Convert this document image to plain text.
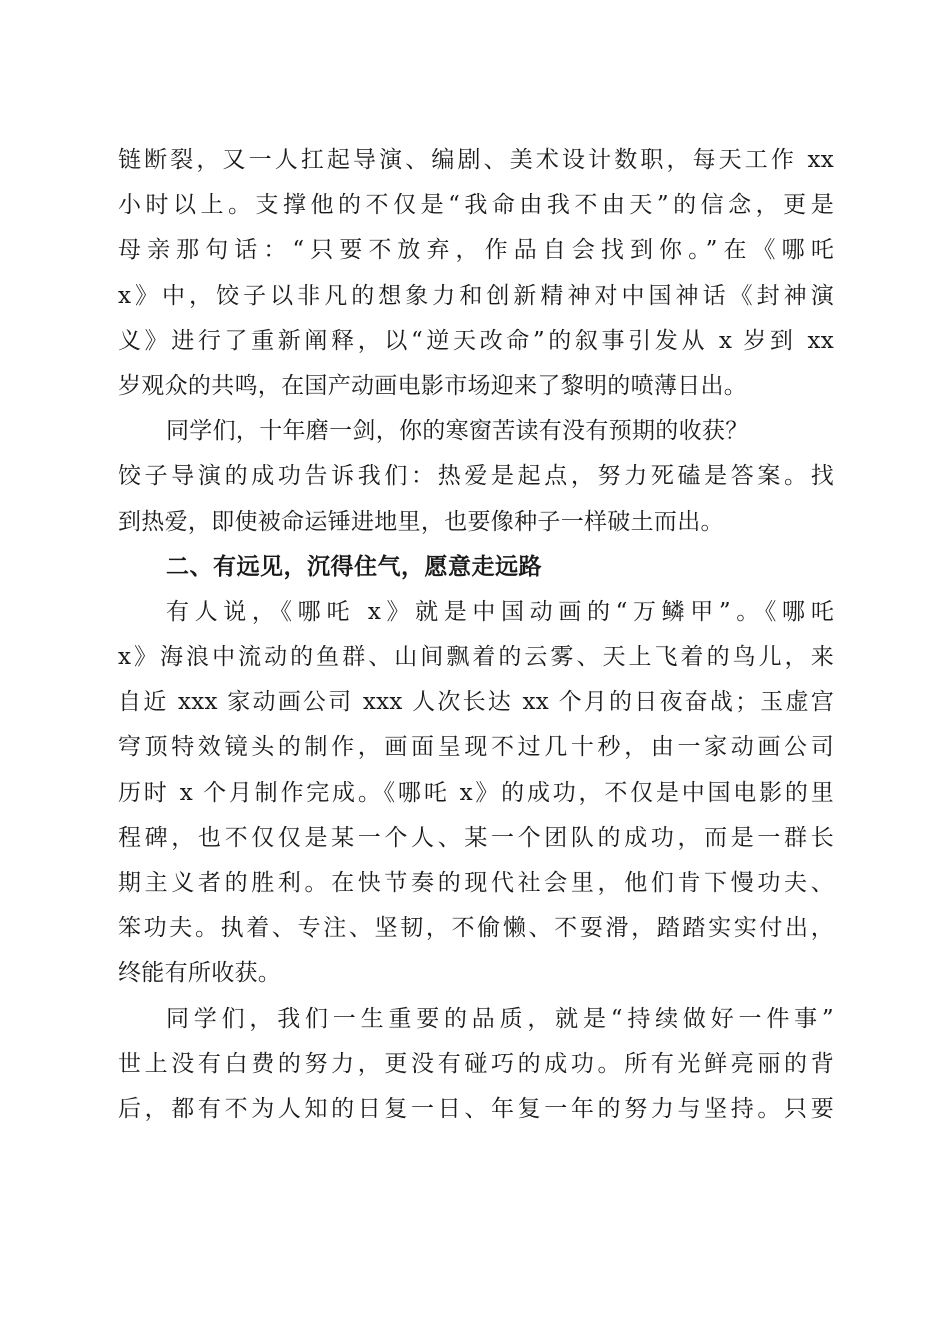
链断裂，又一人扛起导演、编剧、美术设计数职，每天工作 xx
小时以上。支撑他的不仅是“我命由我不由天”的信念，更是
母亲那句话：“只要不放弃，作品自会找到你。”在《哪吒
x》中，饺子以非凡的想象力和创新精神对中国神话《封神演
义》进行了重新阐释，以“逆天改命”的叙事引发从 x 岁到 xx
岁观众的共鸣，在国产动画电影市场迎来了黎明的喷薄日出。
同学们，十年磨一剑，你的寒窗苦读有没有预期的收获？
饺子导演的成功告诉我们：热爱是起点，努力死磕是答案。找
到热爱，即使被命运锤进地里，也要像种子一样破土而出。
二、有远见，沉得住气，愿意走远路
有人说，《哪吒 x》就是中国动画的“万鳞甲”。《哪吒
x》海浪中流动的鱼群、山间飘着的云雾、天上飞着的鸟儿，来
自近 xxx 家动画公司 xxx 人次长达 xx 个月的日夜奋战；玉虚宫
穹顶特效镜头的制作，画面呈现不过几十秒，由一家动画公司
历时 x 个月制作完成。《哪吒 x》的成功，不仅是中国电影的里
程碑，也不仅仅是某一个人、某一个团队的成功，而是一群长
期主义者的胜利。在快节奏的现代社会里，他们肯下慢功夫、
笨功夫。执着、专注、坚韧，不偷懒、不耍滑，踏踏实实付出，
终能有所收获。
同学们，我们一生重要的品质，就是“持续做好一件事”
世上没有白费的努力，更没有碰巧的成功。所有光鲜亮丽的背
后，都有不为人知的日复一日、年复一年的努力与坚持。只要
